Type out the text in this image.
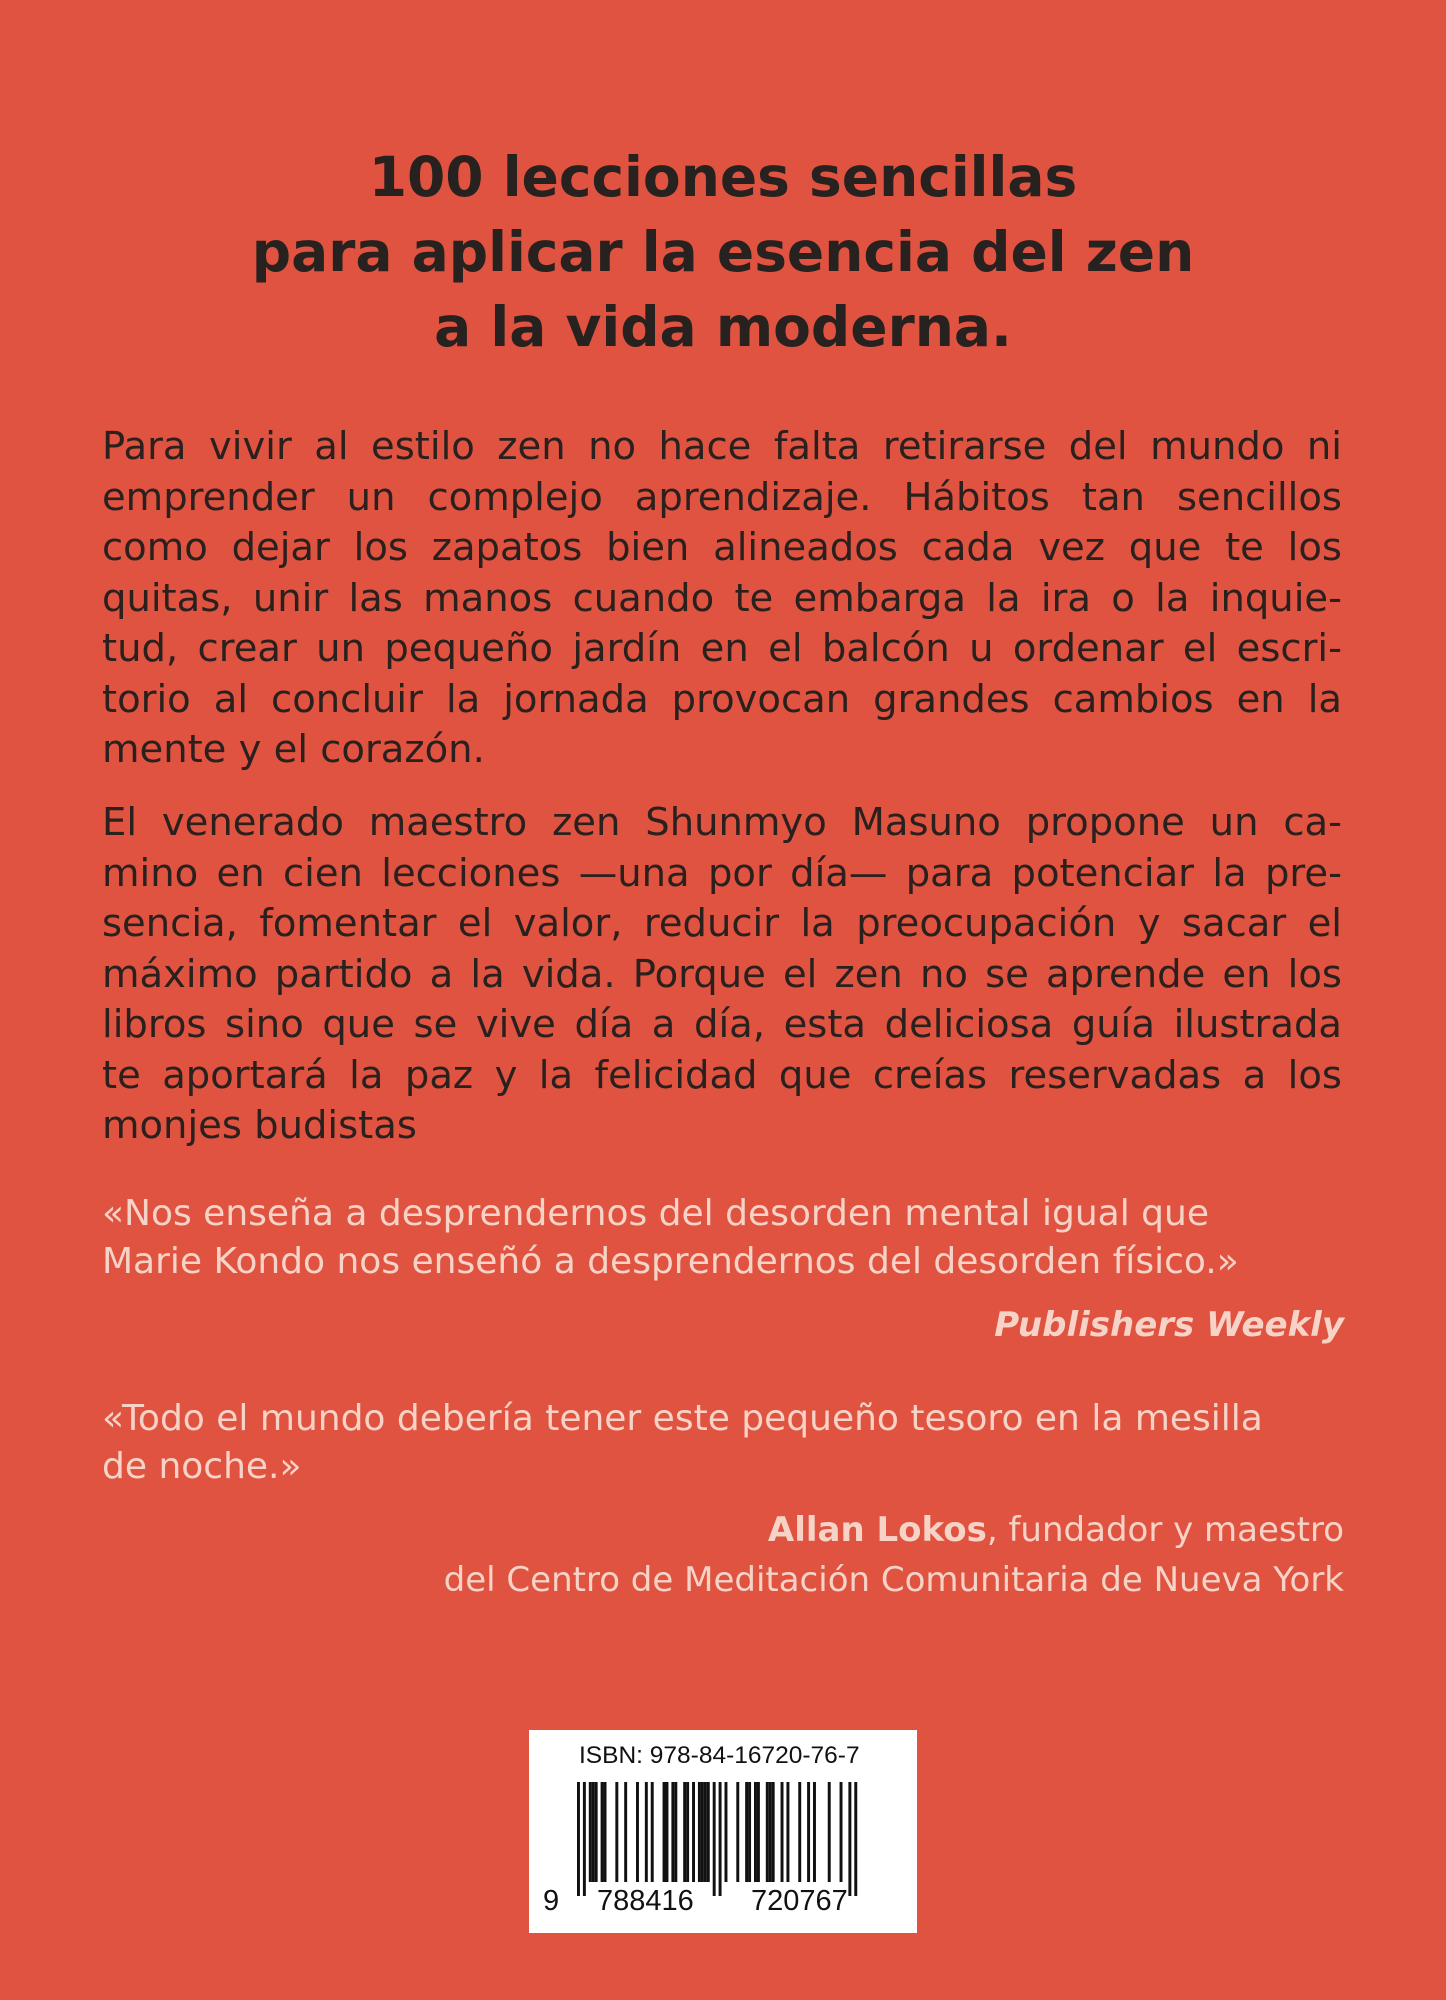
100 lecciones sencillas
para aplicar la esencia del zen
a la vida moderna.
Para vivir al estilo zen no hace falta retirarse del mundo ni
emprender un complejo aprendizaje. Hábitos tan sencillos
como dejar los zapatos bien alineados cada vez que te los
quitas, unir las manos cuando te embarga la ira o la inquie-
tud, crear un pequeño jardín en el balcón u ordenar el escri-
torio al concluir la jornada provocan grandes cambios en la
mente y el corazón.
El venerado maestro zen Shunmyo Masuno propone un ca-
mino en cien lecciones —una por día— para potenciar la pre-
sencia, fomentar el valor, reducir la preocupación y sacar el
máximo partido a la vida. Porque el zen no se aprende en los
libros sino que se vive día a día, esta deliciosa guía ilustrada
te aportará la paz y la felicidad que creías reservadas a los
monjes budistas
«Nos enseña a desprendernos del desorden mental igual que
Marie Kondo nos enseñó a desprendernos del desorden físico.»
Publishers Weekly
«Todo el mundo debería tener este pequeño tesoro en la mesilla
de noche.»
Allan Lokos, fundador y maestro
del Centro de Meditación Comunitaria de Nueva York
ISBN: 978-84-16720-76-7
9 788416 720767
